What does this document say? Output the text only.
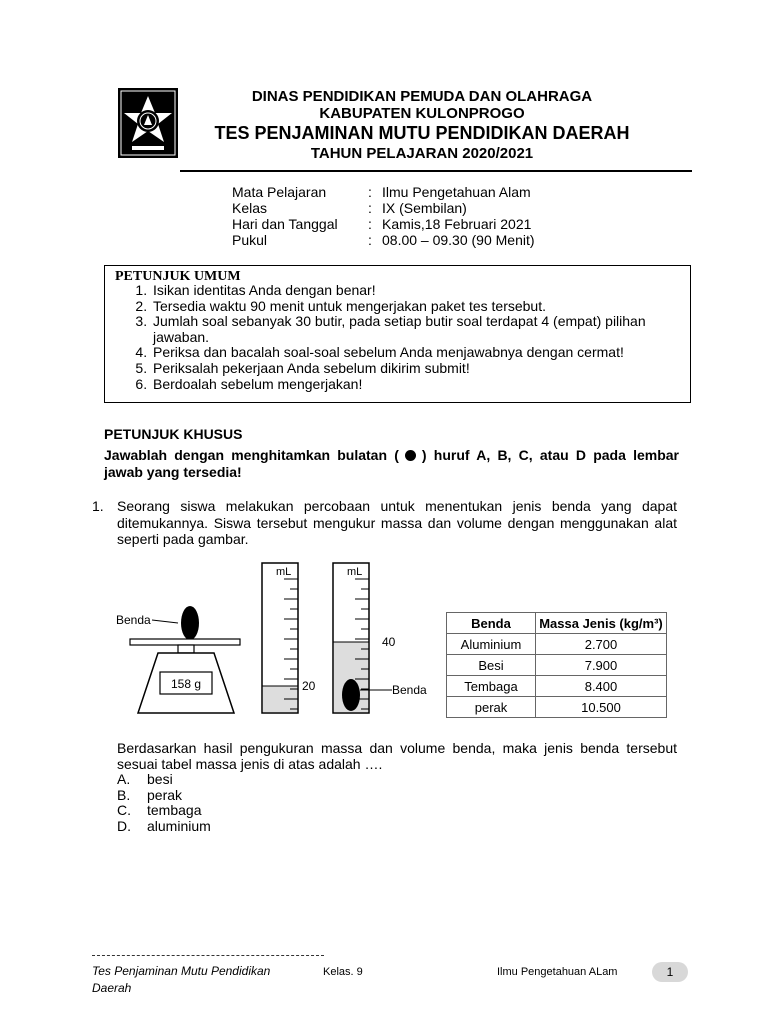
DINAS PENDIDIKAN PEMUDA DAN OLAHRAGA
KABUPATEN KULONPROGO
TES PENJAMINAN MUTU PENDIDIKAN DAERAH
TAHUN PELAJARAN 2020/2021
Mata Pelajaran	:	Ilmu Pengetahuan Alam
Kelas	:	IX (Sembilan)
Hari dan Tanggal	:	Kamis,18 Februari 2021
Pukul	:	08.00 – 09.30 (90 Menit)
PETUNJUK UMUM
1. Isikan identitas Anda dengan benar!
2. Tersedia waktu 90 menit untuk mengerjakan paket tes tersebut.
3. Jumlah soal sebanyak 30 butir, pada setiap butir soal terdapat 4 (empat) pilihan jawaban.
4. Periksa dan bacalah soal-soal sebelum Anda menjawabnya dengan cermat!
5. Periksalah pekerjaan Anda sebelum dikirim submit!
6. Berdoalah sebelum mengerjakan!
PETUNJUK KHUSUS
Jawablah dengan menghitamkan bulatan ( ) huruf A, B, C, atau D pada lembar jawab yang tersedia!
1. Seorang siswa melakukan percobaan untuk menentukan jenis benda yang dapat ditemukannya. Siswa tersebut mengukur massa dan volume dengan menggunakan alat seperti pada gambar.
Benda
158 g
mL
20
mL
40
Benda
Benda	Massa Jenis (kg/m³)
Aluminium	2.700
Besi	7.900
Tembaga	8.400
perak	10.500
Berdasarkan hasil pengukuran massa dan volume benda, maka jenis benda tersebut sesuai tabel massa jenis di atas adalah ….
A. besi
B. perak
C. tembaga
D. aluminium
Tes Penjaminan Mutu Pendidikan Daerah
Kelas. 9	Ilmu Pengetahuan ALam	1
